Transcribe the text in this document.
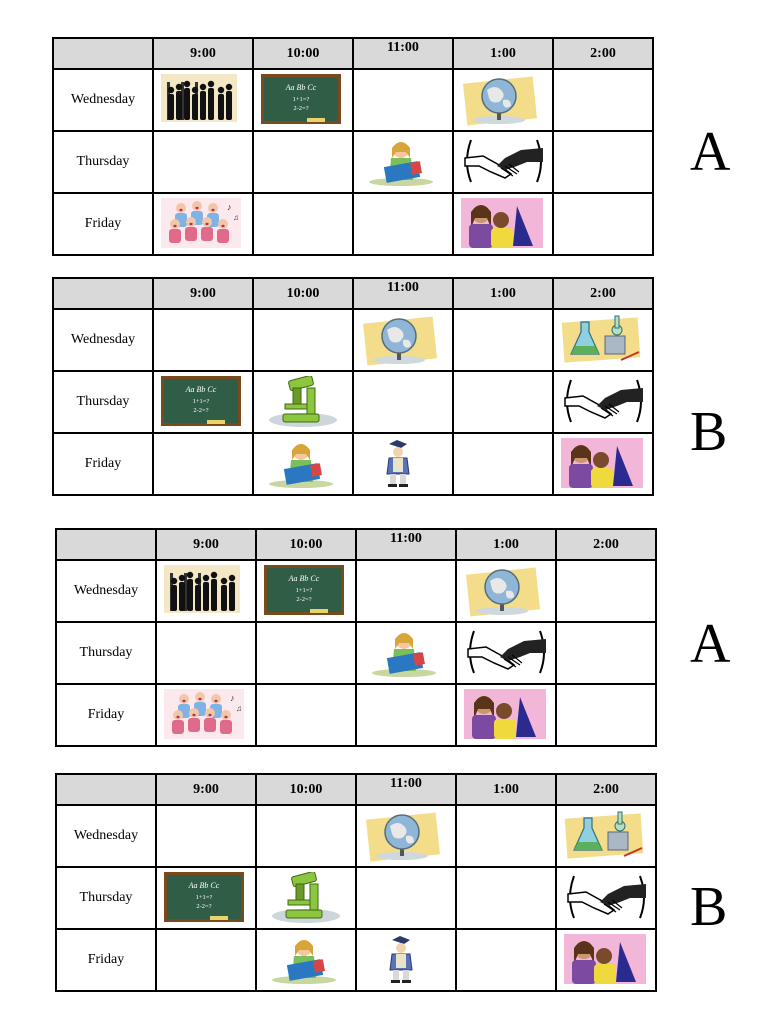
	9:00	10:00	11:00	1:00	2:00
Wednesday		Aa Bb Cc
1+1=?
2-2=?

Thursday			

Friday	♪
♫

A
	9:00	10:00	11:00	1:00	2:00
Wednesday			

Thursday	Aa Bb Cc
1+1=?
2-2=?

Friday		

B
	9:00	10:00	11:00	1:00	2:00
Wednesday		Aa Bb Cc
1+1=?
2-2=?

Thursday			

Friday	♪
♫

A
	9:00	10:00	11:00	1:00	2:00
Wednesday			

Thursday	Aa Bb Cc
1+1=?
2-2=?

Friday		

B
